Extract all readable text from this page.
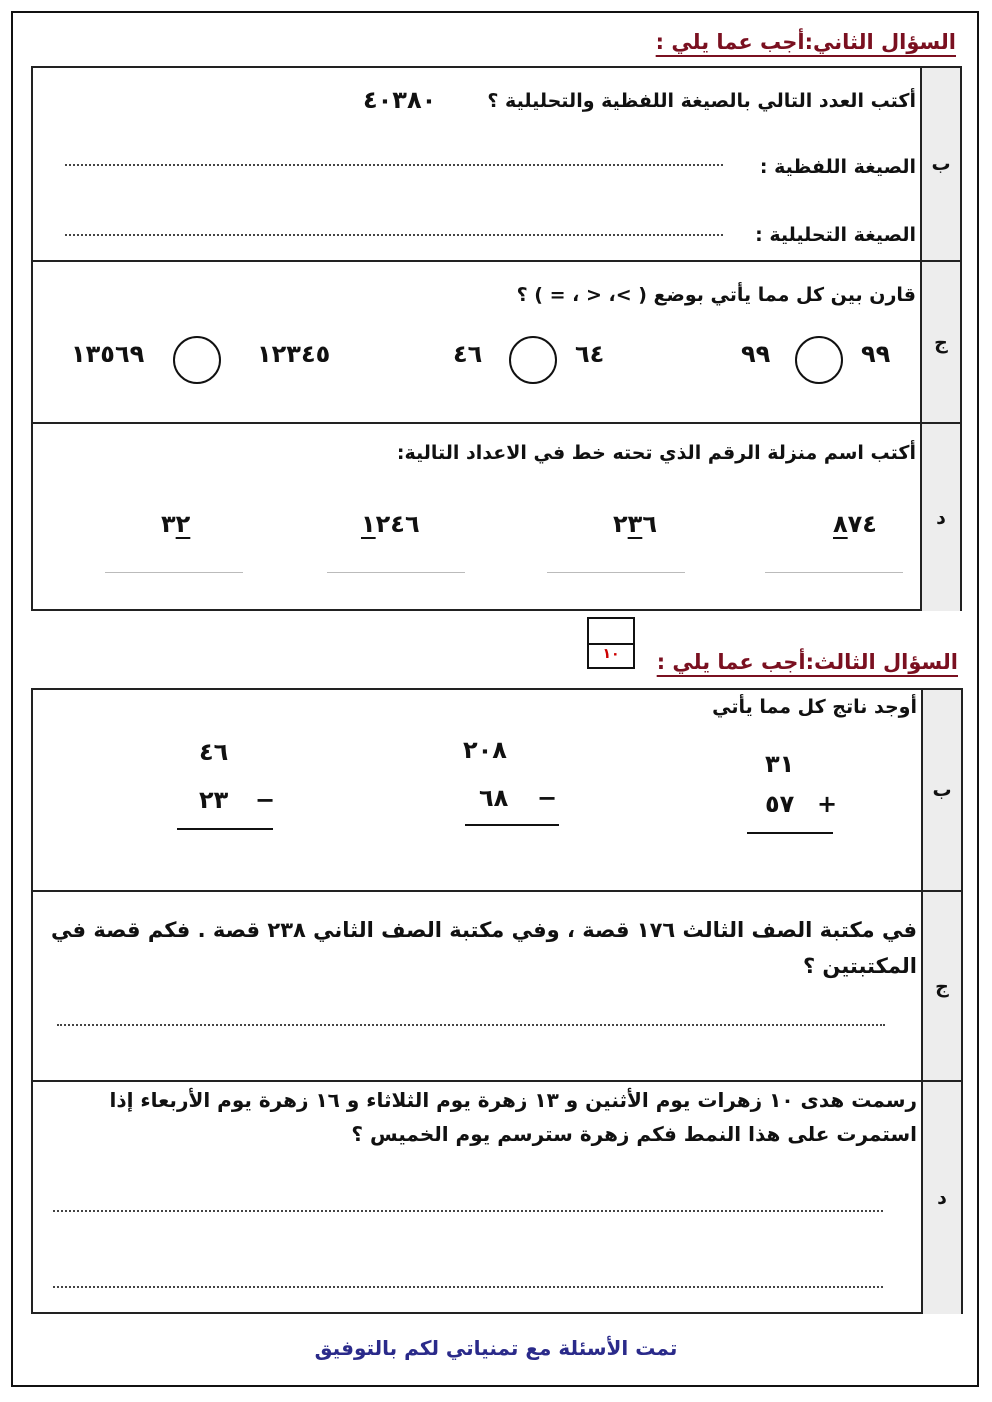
السؤال الثاني:أجب عما يلي :
ب
أكتب العدد التالي بالصيغة اللفظية والتحليلية ؟
٤٠٣٨٠
الصيغة اللفظية :
الصيغة التحليلية :
ج
قارن بين كل مما يأتي بوضع ( >، < ، = ) ؟
٩٩
٩٩
٦٤
٤٦
١٢٣٤٥
١٣٥٦٩
د
أكتب اسم منزلة الرقم الذي تحته خط في الاعداد التالية:
٨٧٤
٢٣٦
١٢٤٦
٣٢
١٠	السؤال الثالث:أجب عما يلي :
ب
أوجد ناتج كل مما يأتي
٣١
٥٧ +
٢٠٨
٦٨ −
٤٦
٢٣ −
ج
في مكتبة الصف الثالث ١٧٦ قصة ، وفي مكتبة الصف الثاني ٢٣٨ قصة . فكم قصة في
المكتبتين ؟
د
رسمت هدى ١٠ زهرات يوم الأثنين و ١٣ زهرة يوم الثلاثاء و ١٦ زهرة يوم الأربعاء إذا
استمرت على هذا النمط فكم زهرة سترسم يوم الخميس ؟
تمت الأسئلة مع تمنياتي لكم بالتوفيق
